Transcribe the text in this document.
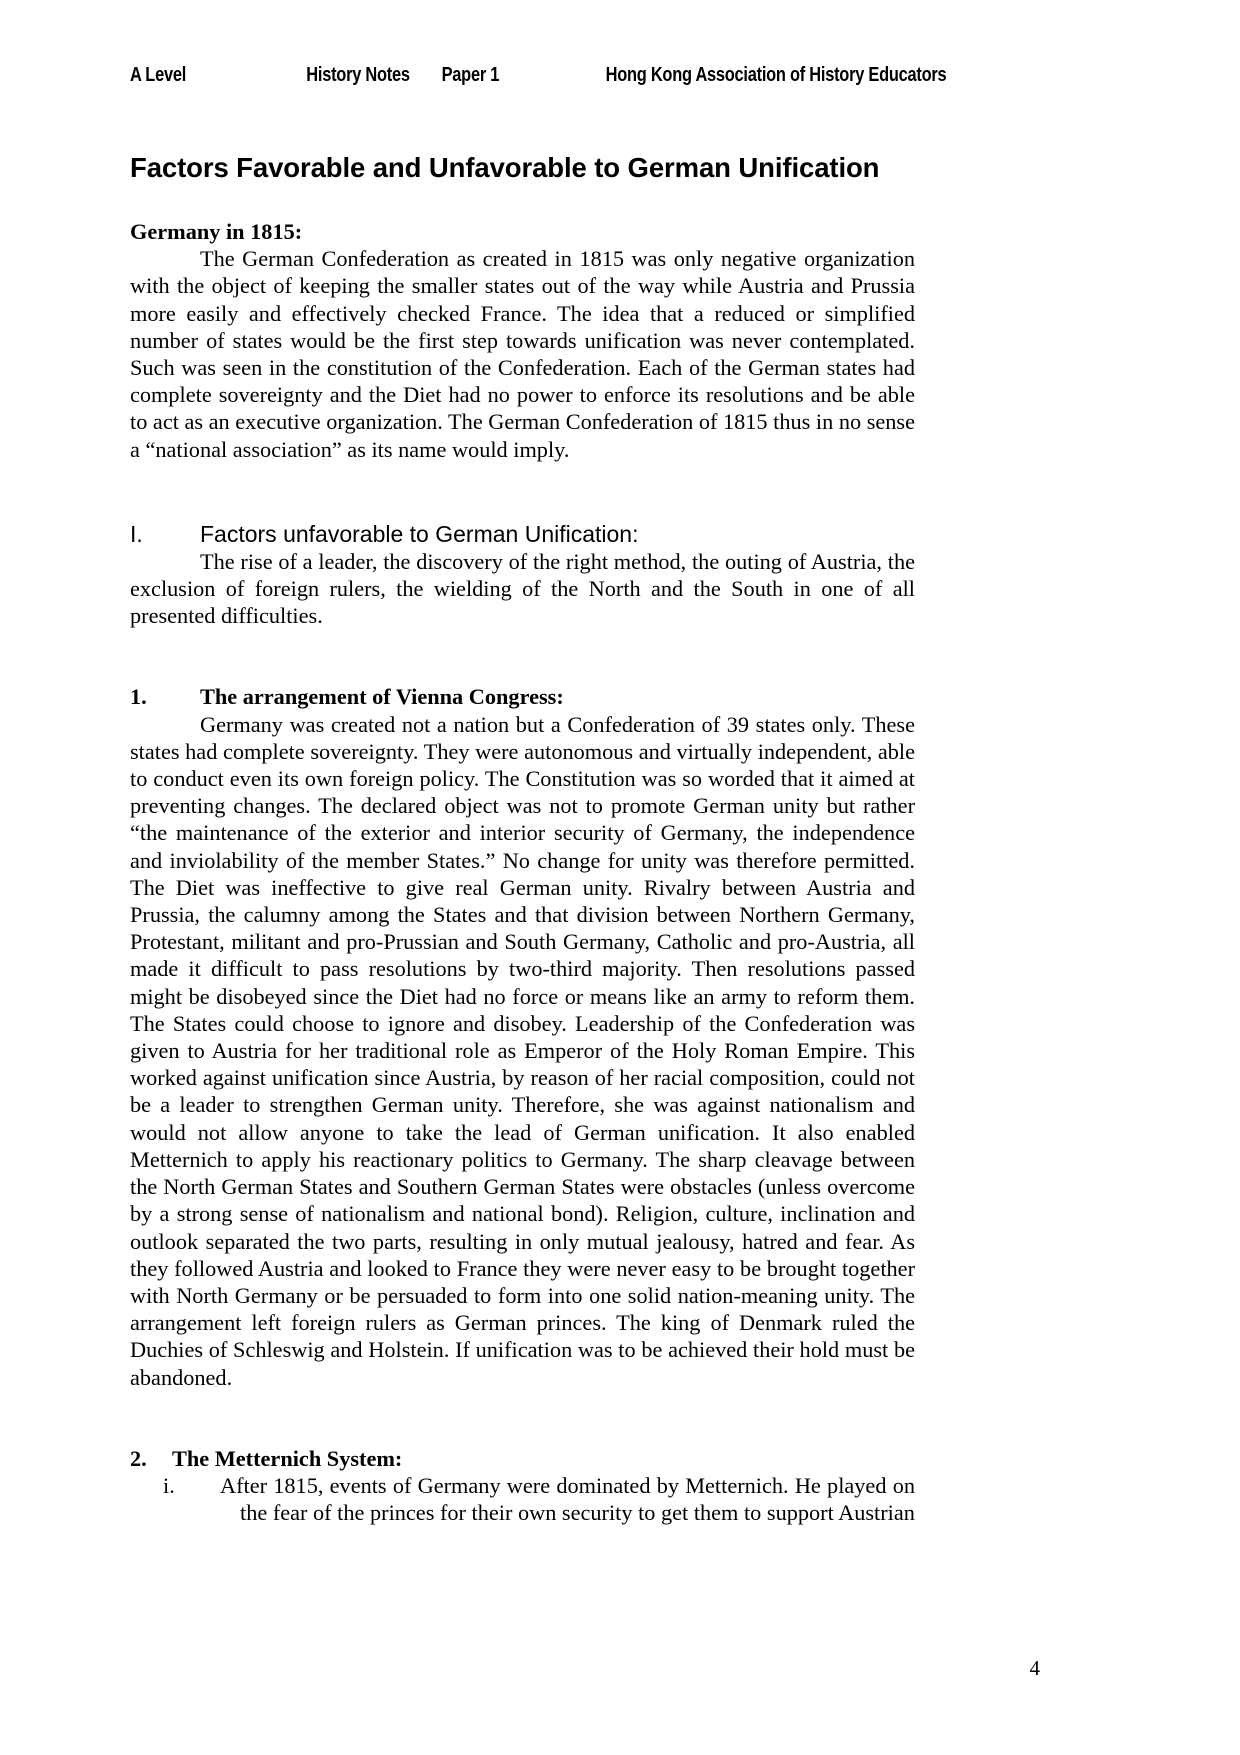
A Level	History Notes Paper 1	Hong Kong Association of History Educators
Factors Favorable and Unfavorable to German Unification
Germany in 1815:

The German Confederation as created in 1815 was only negative organization with the object of keeping the smaller states out of the way while Austria and Prussia more easily and effectively checked France. The idea that a reduced or simplified number of states would be the first step towards unification was never contemplated. Such was seen in the constitution of the Confederation. Each of the German states had complete sovereignty and the Diet had no power to enforce its resolutions and be able to act as an executive organization. The German Confederation of 1815 thus in no sense a “national association” as its name would imply.

I. Factors unfavorable to German Unification:

The rise of a leader, the discovery of the right method, the outing of Austria, the exclusion of foreign rulers, the wielding of the North and the South in one of all presented difficulties.

1. The arrangement of Vienna Congress:

Germany was created not a nation but a Confederation of 39 states only. These states had complete sovereignty. They were autonomous and virtually independent, able to conduct even its own foreign policy. The Constitution was so worded that it aimed at preventing changes. The declared object was not to promote German unity but rather “the maintenance of the exterior and interior security of Germany, the independence and inviolability of the member States.” No change for unity was therefore permitted. The Diet was ineffective to give real German unity. Rivalry between Austria and Prussia, the calumny among the States and that division between Northern Germany, Protestant, militant and pro-Prussian and South Germany, Catholic and pro-Austria, all made it difficult to pass resolutions by two-third majority. Then resolutions passed might be disobeyed since the Diet had no force or means like an army to reform them. The States could choose to ignore and disobey. Leadership of the Confederation was given to Austria for her traditional role as Emperor of the Holy Roman Empire. This worked against unification since Austria, by reason of her racial composition, could not be a leader to strengthen German unity. Therefore, she was against nationalism and would not allow anyone to take the lead of German unification. It also enabled Metternich to apply his reactionary politics to Germany. The sharp cleavage between the North German States and Southern German States were obstacles (unless overcome by a strong sense of nationalism and national bond). Religion, culture, inclination and outlook separated the two parts, resulting in only mutual jealousy, hatred and fear. As they followed Austria and looked to France they were never easy to be brought together with North Germany or be persuaded to form into one solid nation-meaning unity. The arrangement left foreign rulers as German princes. The king of Denmark ruled the Duchies of Schleswig and Holstein. If unification was to be achieved their hold must be abandoned.

2. The Metternich System:

i. After 1815, events of Germany were dominated by Metternich. He played on the fear of the princes for their own security to get them to support Austrian

4
